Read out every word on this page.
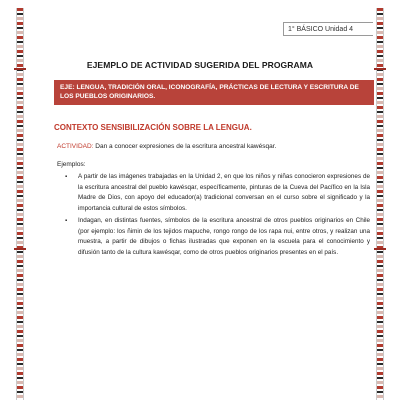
1° BÁSICO Unidad 4
EJEMPLO DE ACTIVIDAD SUGERIDA DEL PROGRAMA
EJE: LENGUA, TRADICIÓN ORAL, ICONOGRAFÍA, PRÁCTICAS DE LECTURA Y ESCRITURA DE LOS PUEBLOS ORIGINARIOS.
CONTEXTO SENSIBILIZACIÓN SOBRE LA LENGUA.
ACTIVIDAD: Dan a conocer expresiones de la escritura ancestral kawésqar.
Ejemplos:
▪ A partir de las imágenes trabajadas en la Unidad 2, en que los niños y niñas conocieron expresiones de la escritura ancestral del pueblo kawésqar, específicamente, pinturas de la Cueva del Pacífico en la Isla Madre de Dios, con apoyo del educador(a) tradicional conversan en el curso sobre el significado y la importancia cultural de estos símbolos.
▪ Indagan, en distintas fuentes, símbolos de la escritura ancestral de otros pueblos originarios en Chile (por ejemplo: los ñimin de los tejidos mapuche, rongo rongo de los rapa nui, entre otros, y realizan una muestra, a partir de dibujos o fichas ilustradas que exponen en la escuela para el conocimiento y difusión tanto de la cultura kawésqar, como de otros pueblos originarios presentes en el país.
